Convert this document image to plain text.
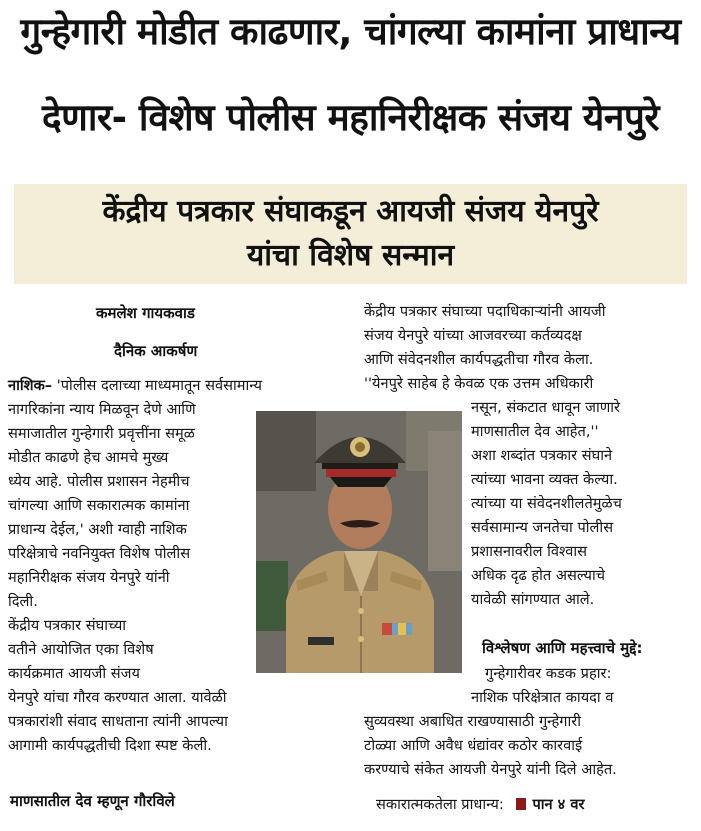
गुन्हेगारी मोडीत काढणार, चांगल्या कामांना प्राधान्य
देणार- विशेष पोलीस महानिरीक्षक संजय येनपुरे
केंद्रीय पत्रकार संघाकडून आयजी संजय येनपुरे
यांचा विशेष सन्मान
कमलेश गायकवाड
दैनिक आकर्षण

नाशिक– 'पोलीस दलाच्या माध्यमातून सर्वसामान्य

नागरिकांना न्याय मिळवून देणे आणि

समाजातील गुन्हेगारी प्रवृत्तींना समूळ

मोडीत काढणे हेच आमचे मुख्य

ध्येय आहे. पोलीस प्रशासन नेहमीच

चांगल्या आणि सकारात्मक कामांना

प्राधान्य देईल,' अशी ग्वाही नाशिक

परिक्षेत्राचे नवनियुक्त विशेष पोलीस

महानिरीक्षक संजय येनपुरे यांनी

दिली.

केंद्रीय पत्रकार संघाच्या

वतीने आयोजित एका विशेष

कार्यक्रमात आयजी संजय

येनपुरे यांचा गौरव करण्यात आला. यावेळी

पत्रकारांशी संवाद साधताना त्यांनी आपल्या

आगामी कार्यपद्धतीची दिशा स्पष्ट केली.

माणसातील देव म्हणून गौरविले

केंद्रीय पत्रकार संघाच्या पदाधिकाऱ्यांनी आयजी

संजय येनपुरे यांच्या आजवरच्या कर्तव्यदक्ष

आणि संवेदनशील कार्यपद्धतीचा गौरव केला.

''येनपुरे साहेब हे केवळ एक उत्तम अधिकारी

नसून, संकटात धावून जाणारे

माणसातील देव आहेत,''

अशा शब्दांत पत्रकार संघाने

त्यांच्या भावना व्यक्त केल्या.

त्यांच्या या संवेदनशीलतेमुळेच

सर्वसामान्य जनतेचा पोलीस

प्रशासनावरील विश्वास

अधिक दृढ होत असल्याचे

यावेळी सांगण्यात आले.

विश्लेषण आणि महत्त्वाचे मुद्दे:

गुन्हेगारीवर कडक प्रहार:

नाशिक परिक्षेत्रात कायदा व

सुव्यवस्था अबाधित राखण्यासाठी गुन्हेगारी

टोळ्या आणि अवैध धंद्यांवर कठोर कारवाई

करण्याचे संकेत आयजी येनपुरे यांनी दिले आहेत.

सकारात्मकतेला प्राधान्य: पान ४ वर
